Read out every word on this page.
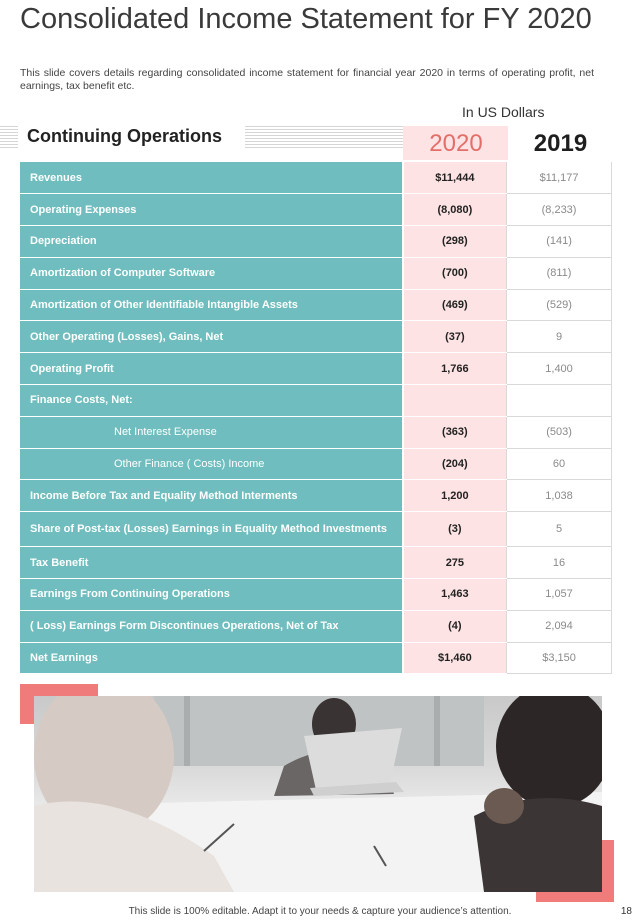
Consolidated Income Statement for FY 2020
This slide covers details regarding consolidated income statement for financial year 2020 in terms of operating profit, net earnings, tax benefit etc.
In US Dollars
Continuing Operations	2020	2019
Revenues	$11,444	$11,177
Operating Expenses	(8,080)	(8,233)
Depreciation	(298)	(141)
Amortization of Computer Software	(700)	(811)
Amortization of Other Identifiable Intangible Assets	(469)	(529)
Other Operating (Losses), Gains, Net	(37)	9
Operating Profit	1,766	1,400
Finance Costs, Net:		
Net Interest Expense	(363)	(503)
Other Finance ( Costs) Income	(204)	60
Income Before Tax and Equality Method Interments	1,200	1,038
Share of Post-tax (Losses) Earnings in Equality Method Investments	(3)	5
Tax Benefit	275	16
Earnings From Continuing Operations	1,463	1,057
( Loss) Earnings Form Discontinues Operations, Net of Tax	(4)	2,094
Net Earnings	$1,460	$3,150
This slide is 100% editable. Adapt it to your needs & capture your audience’s attention.	18
